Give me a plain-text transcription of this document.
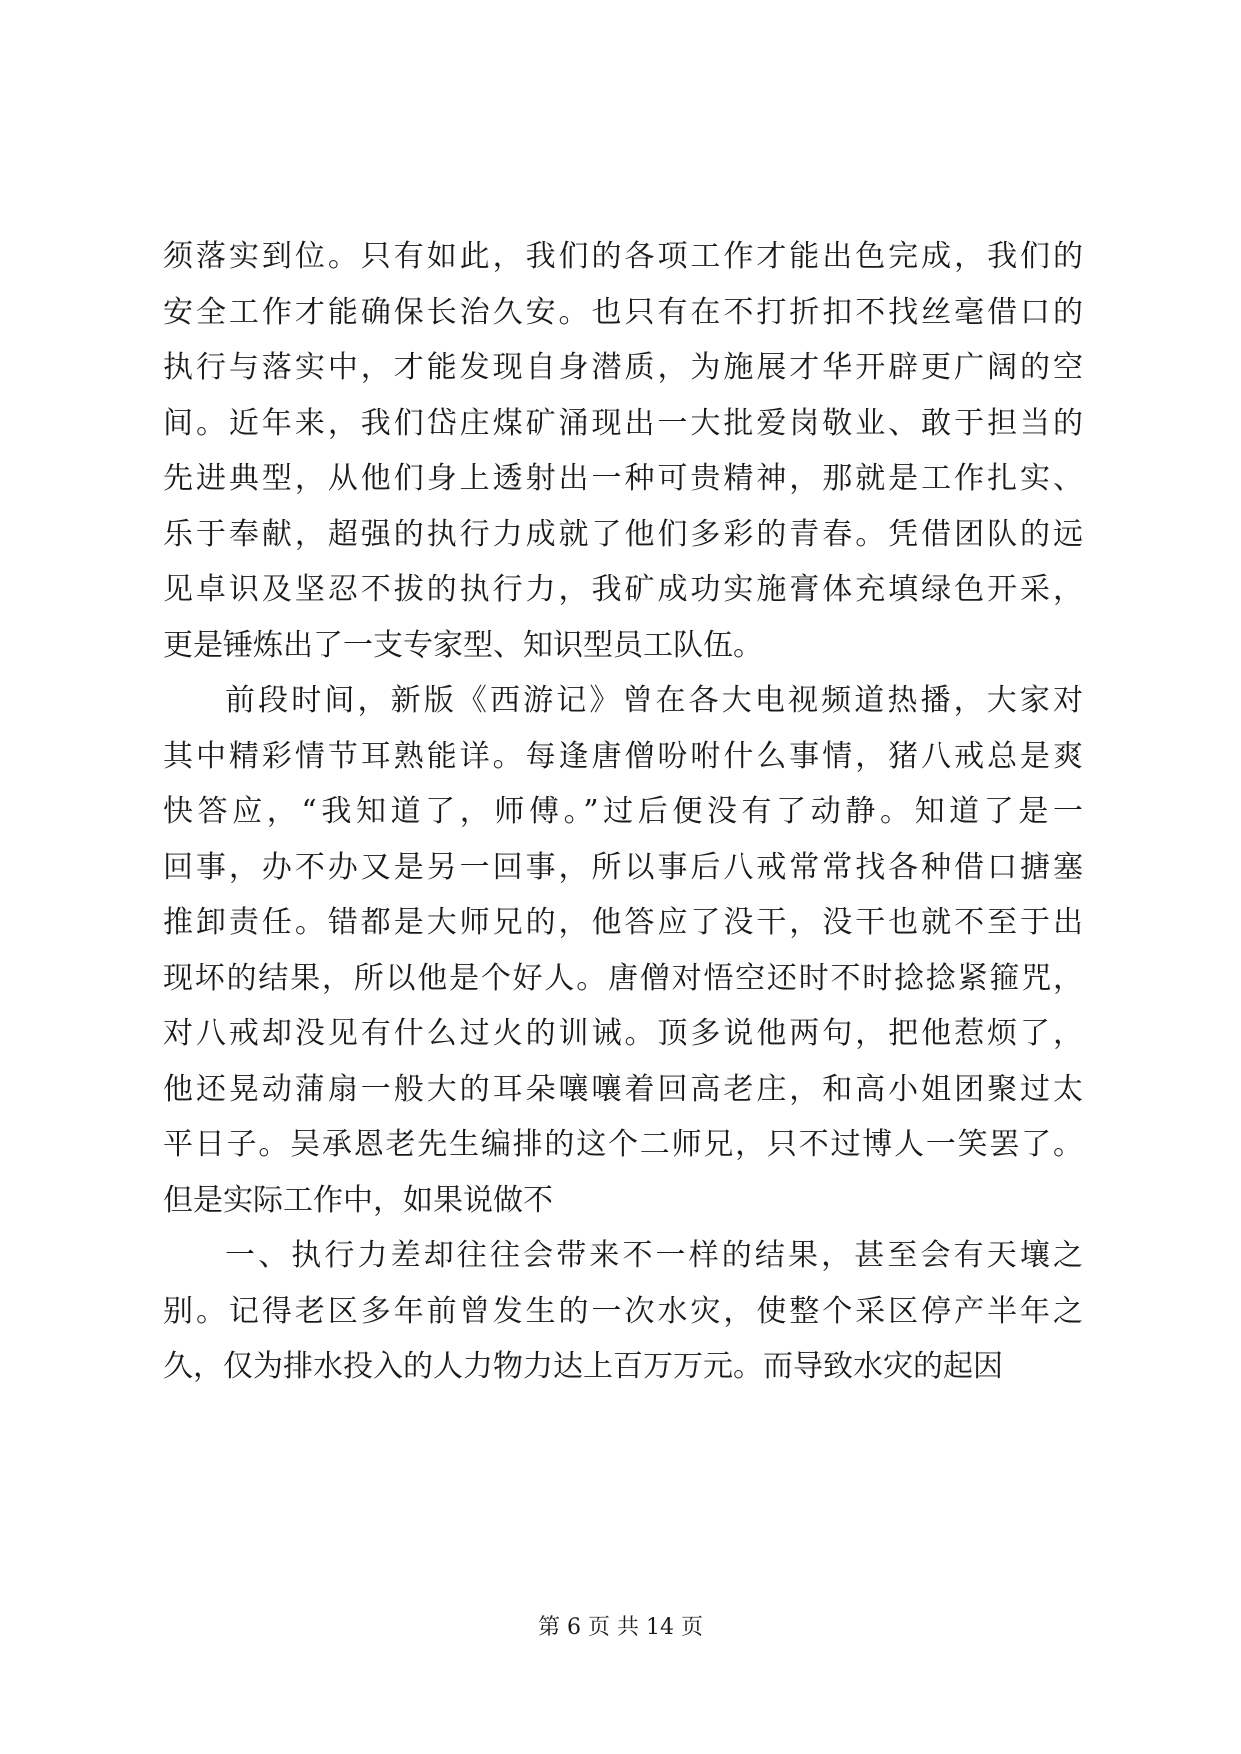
须落实到位。只有如此，我们的各项工作才能出色完成，我们的
安全工作才能确保长治久安。也只有在不打折扣不找丝毫借口的
执行与落实中，才能发现自身潜质，为施展才华开辟更广阔的空
间。近年来，我们岱庄煤矿涌现出一大批爱岗敬业、敢于担当的
先进典型，从他们身上透射出一种可贵精神，那就是工作扎实、
乐于奉献，超强的执行力成就了他们多彩的青春。凭借团队的远
见卓识及坚忍不拔的执行力，我矿成功实施膏体充填绿色开采，
更是锤炼出了一支专家型、知识型员工队伍。
前段时间，新版《西游记》曾在各大电视频道热播，大家对
其中精彩情节耳熟能详。每逢唐僧吩咐什么事情，猪八戒总是爽
快答应，“我知道了，师傅。”过后便没有了动静。知道了是一
回事，办不办又是另一回事，所以事后八戒常常找各种借口搪塞
推卸责任。错都是大师兄的，他答应了没干，没干也就不至于出
现坏的结果，所以他是个好人。唐僧对悟空还时不时捻捻紧箍咒，
对八戒却没见有什么过火的训诫。顶多说他两句，把他惹烦了，
他还晃动蒲扇一般大的耳朵嚷嚷着回高老庄，和高小姐团聚过太
平日子。吴承恩老先生编排的这个二师兄，只不过博人一笑罢了。
但是实际工作中，如果说做不
一、执行力差却往往会带来不一样的结果，甚至会有天壤之
别。记得老区多年前曾发生的一次水灾，使整个采区停产半年之
久，仅为排水投入的人力物力达上百万万元。而导致水灾的起因
第 6 页 共 14 页
